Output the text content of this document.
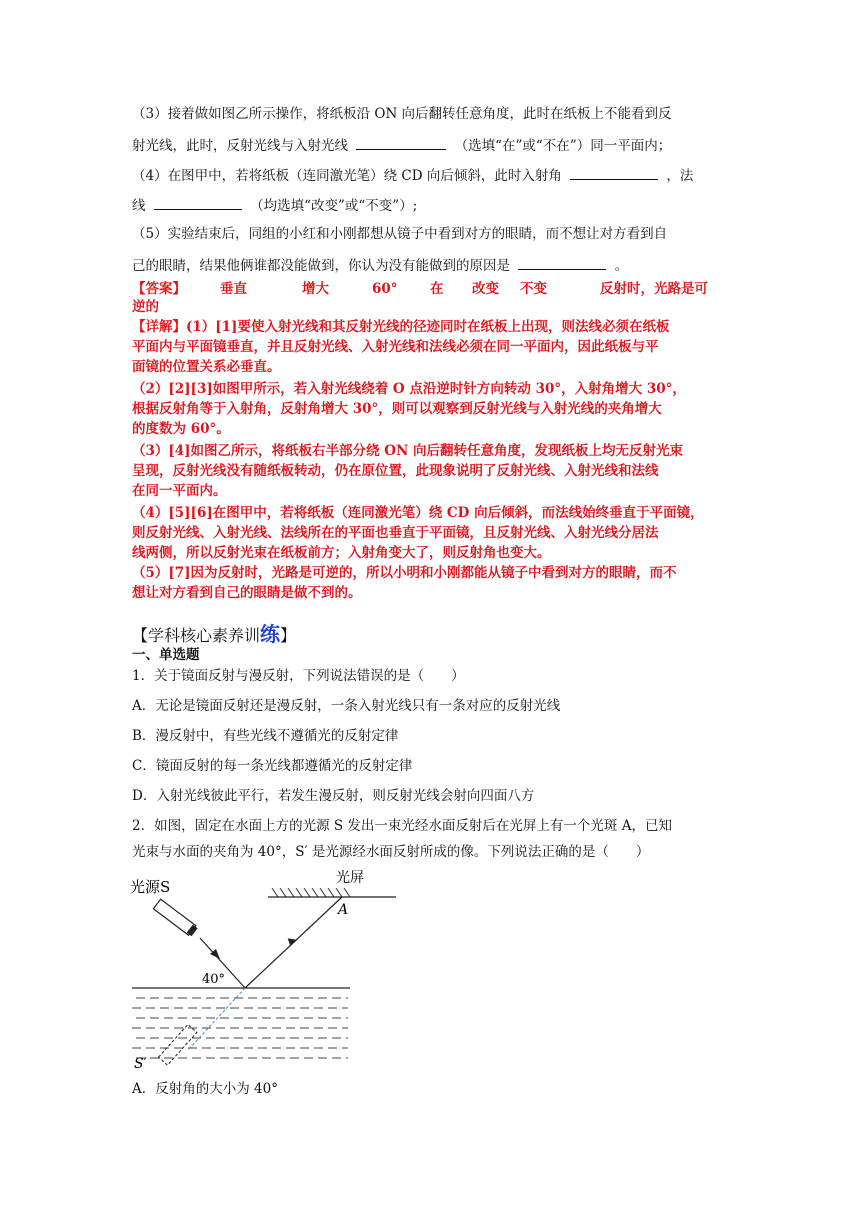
（3）接着做如图乙所示操作，将纸板沿 ON 向后翻转任意角度，此时在纸板上不能看到反
射光线，此时，反射光线与入射光线	（选填“在”或“不在”）同一平面内；
（4）在图甲中，若将纸板（连同激光笔）绕 CD 向后倾斜，此时入射角	，法
线	（均选填“改变”或“不变”）;
（5）实验结束后，同组的小红和小刚都想从镜子中看到对方的眼睛，而不想让对方看到自
己的眼睛，结果他俩谁都没能做到，你认为没有能做到的原因是	。
【答案】	垂直	增大	60° 在 改变 不变	反射时，光路是可
逆的
【详解】(1）[1]要使入射光线和其反射光线的径迹同时在纸板上出现，则法线必须在纸板
平面内与平面镜垂直，并且反射光线、入射光线和法线必须在同一平面内，因此纸板与平
面镜的位置关系必垂直。
（2）[2][3]如图甲所示，若入射光线绕着 O 点沿逆时针方向转动 30°，入射角增大 30°，
根据反射角等于入射角，反射角增大 30°，则可以观察到反射光线与入射光线的夹角增大
的度数为 60°。
（3）[4]如图乙所示，将纸板右半部分绕 ON 向后翻转任意角度，发现纸板上均无反射光束
呈现，反射光线没有随纸板转动，仍在原位置，此现象说明了反射光线、入射光线和法线
在同一平面内。
（4）[5][6]在图甲中，若将纸板（连同激光笔）绕 CD 向后倾斜，而法线始终垂直于平面镜，
则反射光线、入射光线、法线所在的平面也垂直于平面镜，且反射光线、入射光线分居法
线两侧，所以反射光束在纸板前方；入射角变大了，则反射角也变大。
（5）[7]因为反射时，光路是可逆的，所以小明和小刚都能从镜子中看到对方的眼睛，而不
想让对方看到自己的眼睛是做不到的。
【学科核心素养训练】
一、单选题
1．关于镜面反射与漫反射，下列说法错误的是（　　）
A．无论是镜面反射还是漫反射，一条入射光线只有一条对应的反射光线
B．漫反射中，有些光线不遵循光的反射定律
C．镜面反射的每一条光线都遵循光的反射定律
D．入射光线彼此平行，若发生漫反射，则反射光线会射向四面八方
2．如图，固定在水面上方的光源 S 发出一束光经水面反射后在光屏上有一个光斑 A，已知
光束与水面的夹角为 40°，S′ 是光源经水面反射所成的像。下列说法正确的是（　　）
光屏
A
光源S
40°
S′
A．反射角的大小为 40°
